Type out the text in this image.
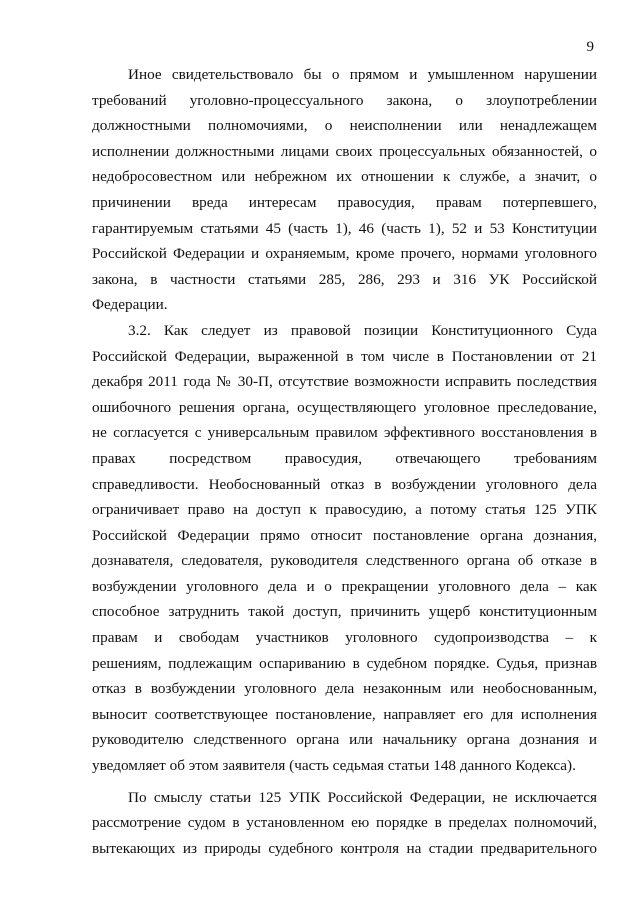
9
Иное свидетельствовало бы о прямом и умышленном нарушении
требований уголовно-процессуального закона, о злоупотреблении
должностными полномочиями, о неисполнении или ненадлежащем
исполнении должностными лицами своих процессуальных обязанностей, о
недобросовестном или небрежном их отношении к службе, а значит, о
причинении вреда интересам правосудия, правам потерпевшего,
гарантируемым статьями 45 (часть 1), 46 (часть 1), 52 и 53 Конституции
Российской Федерации и охраняемым, кроме прочего, нормами уголовного
закона, в частности статьями 285, 286, 293 и 316 УК Российской
Федерации.
3.2. Как следует из правовой позиции Конституционного Суда
Российской Федерации, выраженной в том числе в Постановлении от 21
декабря 2011 года № 30-П, отсутствие возможности исправить последствия
ошибочного решения органа, осуществляющего уголовное преследование,
не согласуется с универсальным правилом эффективного восстановления в
правах посредством правосудия, отвечающего требованиям
справедливости. Необоснованный отказ в возбуждении уголовного дела
ограничивает право на доступ к правосудию, а потому статья 125 УПК
Российской Федерации прямо относит постановление органа дознания,
дознавателя, следователя, руководителя следственного органа об отказе в
возбуждении уголовного дела и о прекращении уголовного дела – как
способное затруднить такой доступ, причинить ущерб конституционным
правам и свободам участников уголовного судопроизводства – к
решениям, подлежащим оспариванию в судебном порядке. Судья, признав
отказ в возбуждении уголовного дела незаконным или необоснованным,
выносит соответствующее постановление, направляет его для исполнения
руководителю следственного органа или начальнику органа дознания и
уведомляет об этом заявителя (часть седьмая статьи 148 данного Кодекса).
По смыслу статьи 125 УПК Российской Федерации, не исключается
рассмотрение судом в установленном ею порядке в пределах полномочий,
вытекающих из природы судебного контроля на стадии предварительного
